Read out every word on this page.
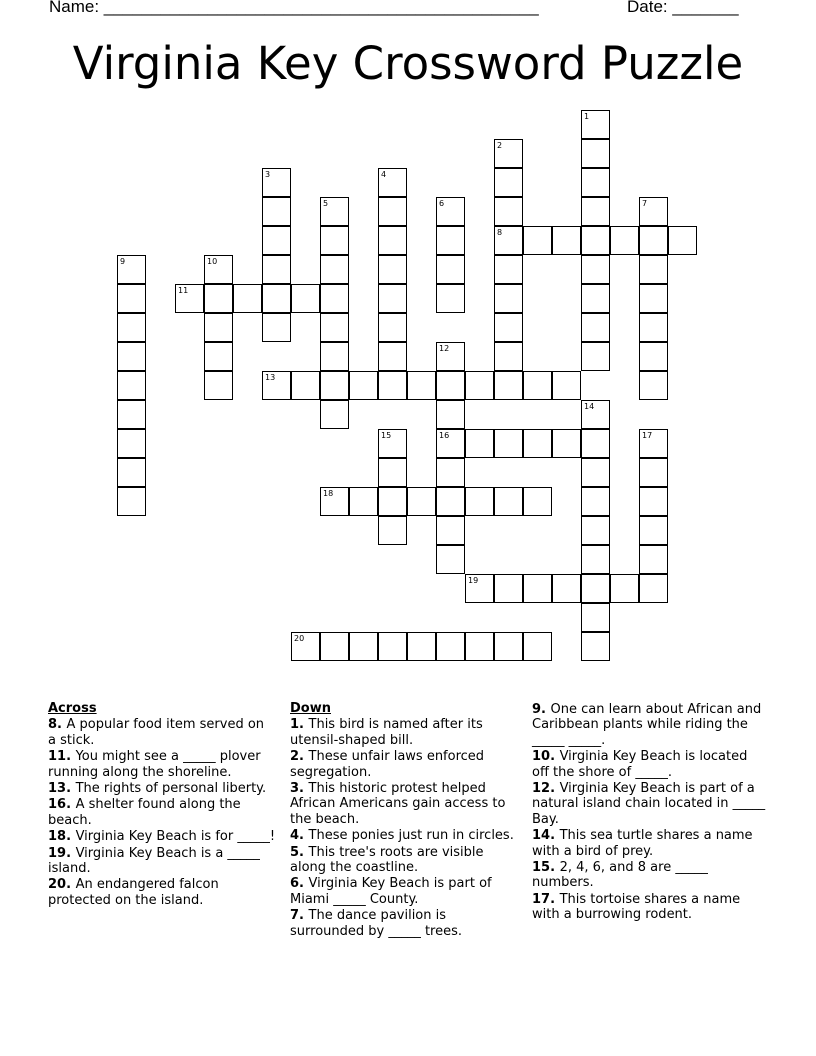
Name: ______________________________________________	Date: _______
Virginia Key Crossword Puzzle
1
2
8
3	4
5	6	7
9	10
11
12
16
13
14
15	17
18
19
20
Across
8. A popular food item served on a stick.
11. You might see a _____ plover running along the shoreline.
13. The rights of personal liberty.
16. A shelter found along the beach.
18. Virginia Key Beach is for _____!
19. Virginia Key Beach is a _____ island.
20. An endangered falcon protected on the island.
Down
1. This bird is named after its utensil-shaped bill.
2. These unfair laws enforced segregation.
3. This historic protest helped African Americans gain access to the beach.
4. These ponies just run in circles.
5. This tree's roots are visible along the coastline.
6. Virginia Key Beach is part of Miami _____ County.
7. The dance pavilion is surrounded by _____ trees.
9. One can learn about African and Caribbean plants while riding the _____ _____.
10. Virginia Key Beach is located off the shore of _____.
12. Virginia Key Beach is part of a natural island chain located in _____ Bay.
14. This sea turtle shares a name with a bird of prey.
15. 2, 4, 6, and 8 are _____ numbers.
17. This tortoise shares a name with a burrowing rodent.
